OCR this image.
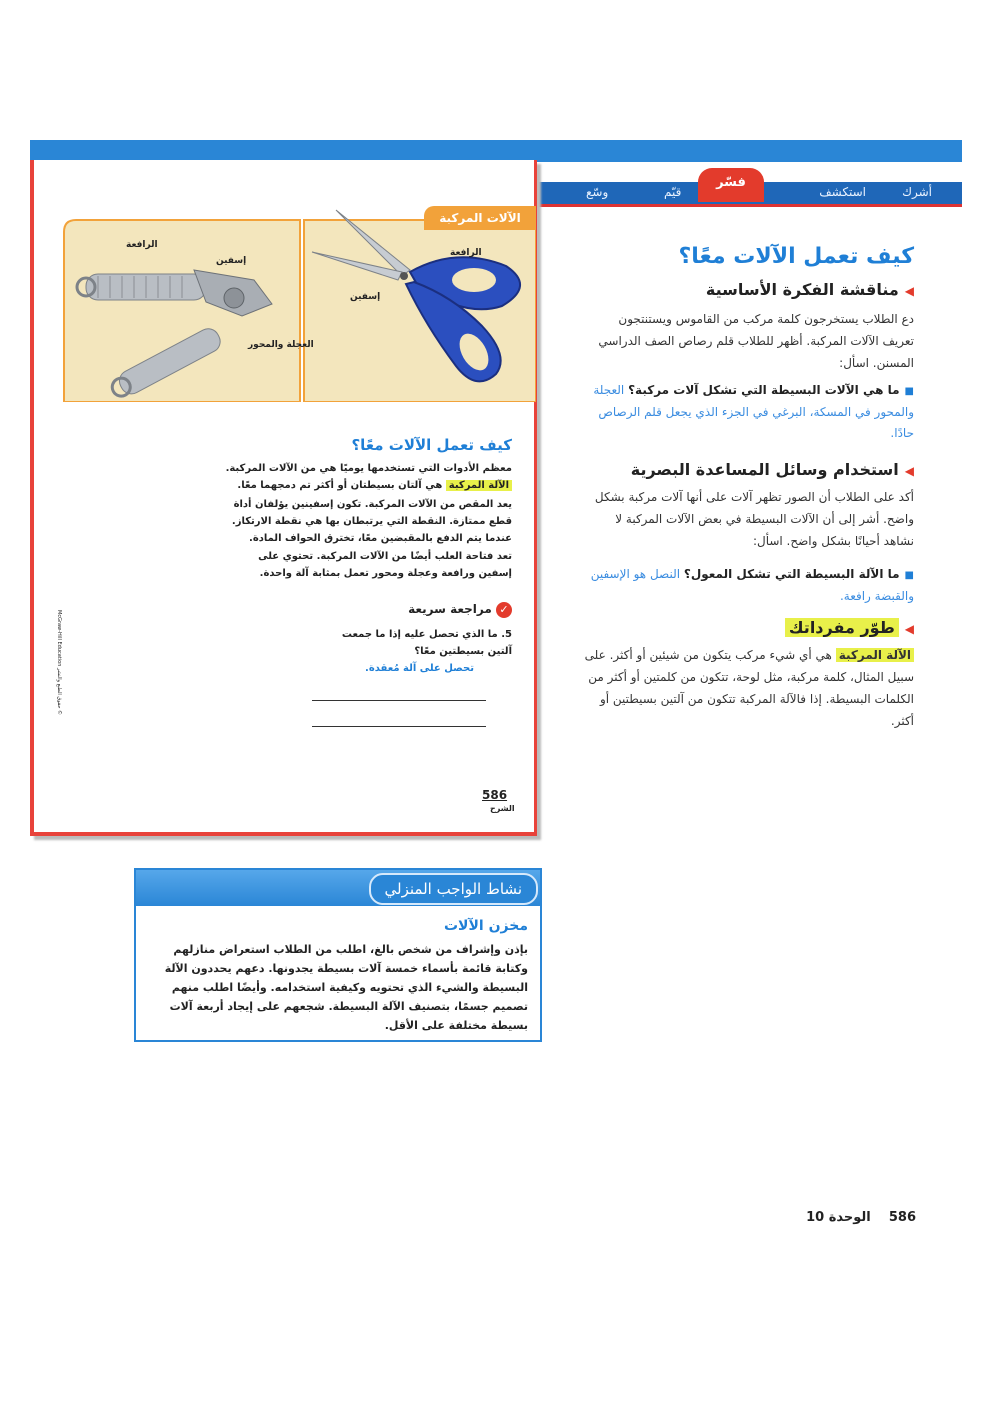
أشرك
استكشف
فسّر
قيّم
وسّع
الآلات المركبة
الرافعة
إسفين
العجلة والمحور
الرافعة
إسفين
كيف تعمل الآلات معًا؟
معظم الأدوات التي تستخدمها يوميًا هي من الآلات المركبة. الآلة المركبة هي آلتان بسيطتان أو أكثر تم دمجهما معًا.
يعد المقص من الآلات المركبة. تكون إسفينين يؤلفان أداة قطع ممتازة. النقطة التي يرتبطان بها هي نقطة الارتكاز. عندما يتم الدفع بالمقبضين معًا، تخترق الحواف المادة.
تعد فتاحة العلب أيضًا من الآلات المركبة. تحتوي على إسفين ورافعة وعجلة ومحور تعمل بمثابة آلة واحدة.
✓ مراجعة سريعة
5. ما الذي تحصل عليه إذا ما جمعت آلتين بسيطتين معًا؟
تحصل على آلة مُعقدة.
McGraw-Hill Education حقوق الطبع والنشر ©
586
الشرح
كيف تعمل الآلات معًا؟
◀مناقشة الفكرة الأساسية
دع الطلاب يستخرجون كلمة مركب من القاموس ويستنتجون تعريف الآلات المركبة. أظهر للطلاب قلم رصاص الصف الدراسي المسنن. اسأل:
■ما هي الآلات البسيطة التي تشكل آلات مركبة؟ العجلة والمحور في المسكة، البرغي في الجزء الذي يجعل قلم الرصاص حادًا.
◀استخدام وسائل المساعدة البصرية
أكد على الطلاب أن الصور تظهر آلات على أنها آلات مركبة بشكل واضح. أشر إلى أن الآلات البسيطة في بعض الآلات المركبة لا نشاهد أحيانًا بشكل واضح. اسأل:
■ما الآلة البسيطة التي تشكل المعول؟ النصل هو الإسفين والقبضة رافعة.
◀طوّر مفرداتك
الآلة المركبة هي أي شيء مركب يتكون من شيئين أو أكثر. على سبيل المثال، كلمة مركبة، مثل لوحة، تتكون من كلمتين أو أكثر من الكلمات البسيطة. إذا فالآلة المركبة تتكون من آلتين بسيطتين أو أكثر.
نشاط الواجب المنزلي
مخزن الآلات
بإذن وإشراف من شخص بالغ، اطلب من الطلاب استعراض منازلهم وكتابة قائمة بأسماء خمسة آلات بسيطة يجدونها. دعهم يحددون الآلة البسيطة والشيء الذي تحتويه وكيفية استخدامه. وأيضًا اطلب منهم تصميم جسمًا، بتصنيف الآلة البسيطة. شجعهم على إيجاد أربعة آلات بسيطة مختلفة على الأقل.
586    الوحدة 10
